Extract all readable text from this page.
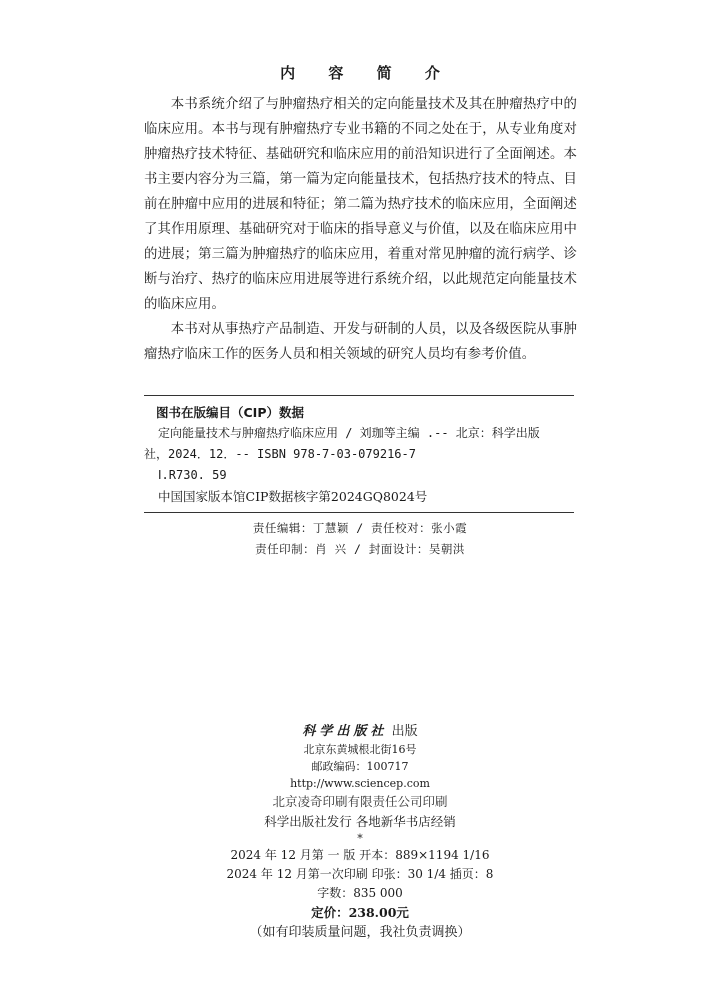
内 容 简 介

本书系统介绍了与肿瘤热疗相关的定向能量技术及其在肿瘤热疗中的临床应用。本书与现有肿瘤热疗专业书籍的不同之处在于，从专业角度对肿瘤热疗技术特征、基础研究和临床应用的前沿知识进行了全面阐述。本书主要内容分为三篇，第一篇为定向能量技术，包括热疗技术的特点、目前在肿瘤中应用的进展和特征；第二篇为热疗技术的临床应用，全面阐述了其作用原理、基础研究对于临床的指导意义与价值，以及在临床应用中的进展；第三篇为肿瘤热疗的临床应用，着重对常见肿瘤的流行病学、诊断与治疗、热疗的临床应用进展等进行系统介绍，以此规范定向能量技术的临床应用。

本书对从事热疗产品制造、开发与研制的人员，以及各级医院从事肿瘤热疗临床工作的医务人员和相关领域的研究人员均有参考价值。

图书在版编目（CIP）数据
定向能量技术与肿瘤热疗临床应用 / 刘珈等主编 .-- 北京：科学出版
社，2024．12．-- ISBN 978-7-03-079216-7
Ⅰ.R730. 59
中国国家版本馆CIP数据核字第2024GQ8024号
责任编辑：丁慧颖 / 责任校对：张小霞
责任印制：肖 兴 / 封面设计：吴朝洪
科学出版社 出版
北京东黄城根北街16号
邮政编码：100717
http://www.sciencep.com
北京凌奇印刷有限责任公司印刷
科学出版社发行 各地新华书店经销
*
2024 年 12 月第 一 版 开本：889×1194 1/16
2024 年 12 月第一次印刷 印张：30 1/4 插页：8
字数：835 000
定价：238.00元
（如有印装质量问题，我社负责调换）
